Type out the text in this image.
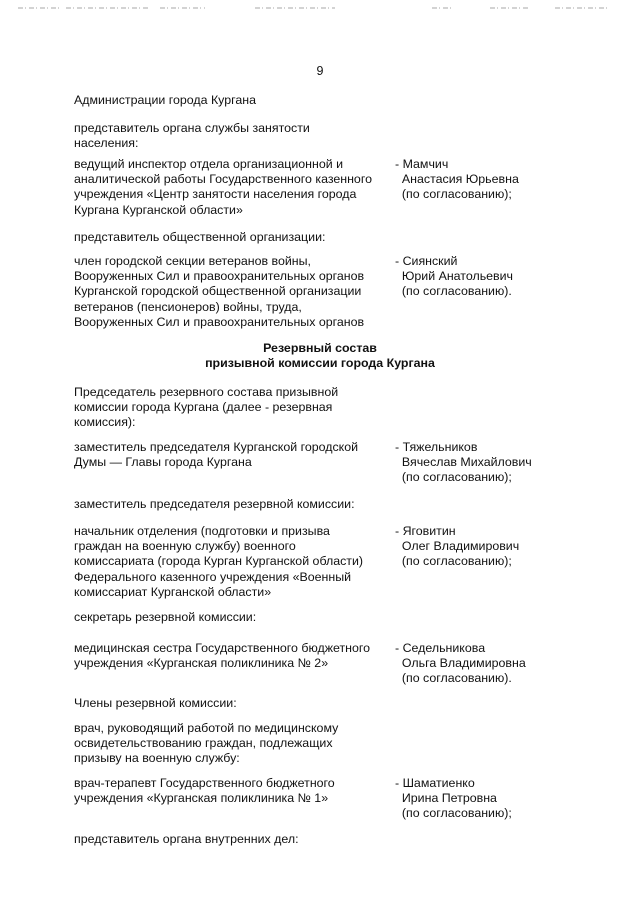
9
Администрации города Кургана
представитель органа службы занятости
населения:
ведущий инспектор отдела организационной и
аналитической работы Государственного казенного
учреждения «Центр занятости населения города
Кургана Курганской области»
- Мамчич
Анастасия Юрьевна
(по согласованию);
представитель общественной организации:
член городской секции ветеранов войны,
Вооруженных Сил и правоохранительных органов
Курганской городской общественной организации
ветеранов (пенсионеров) войны, труда,
Вооруженных Сил и правоохранительных органов
- Сиянский
Юрий Анатольевич
(по согласованию).
Резервный состав
призывной комиссии города Кургана
Председатель резервного состава призывной
комиссии города Кургана (далее - резервная
комиссия):
заместитель председателя Курганской городской
Думы — Главы города Кургана
- Тяжельников
Вячеслав Михайлович
(по согласованию);
заместитель председателя резервной комиссии:
начальник отделения (подготовки и призыва
граждан на военную службу) военного
комиссариата (города Курган Курганской области)
Федерального казенного учреждения «Военный
комиссариат Курганской области»
- Яговитин
Олег Владимирович
(по согласованию);
секретарь резервной комиссии:
медицинская сестра Государственного бюджетного
учреждения «Курганская поликлиника № 2»
- Седельникова
Ольга Владимировна
(по согласованию).
Члены резервной комиссии:
врач, руководящий работой по медицинскому
освидетельствованию граждан, подлежащих
призыву на военную службу:
врач-терапевт Государственного бюджетного
учреждения «Курганская поликлиника № 1»
- Шаматиенко
Ирина Петровна
(по согласованию);
представитель органа внутренних дел:
